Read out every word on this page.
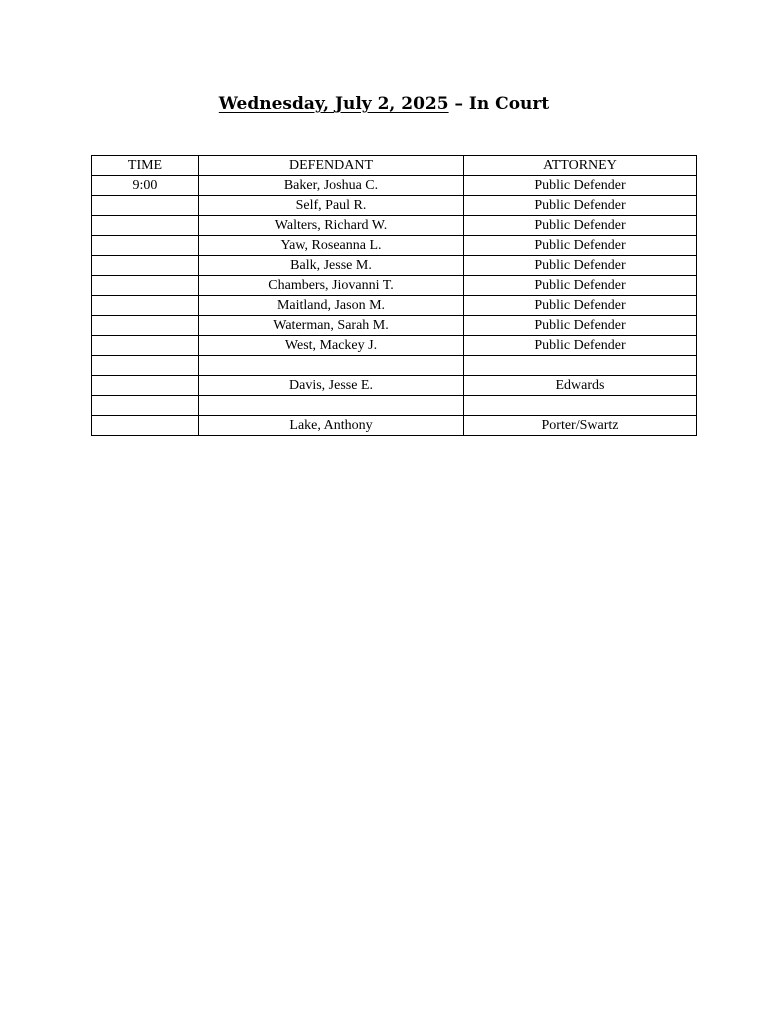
Wednesday, July 2, 2025 – In Court
TIME	DEFENDANT	ATTORNEY
9:00	Baker, Joshua C.	Public Defender
	Self, Paul R.	Public Defender
	Walters, Richard W.	Public Defender
	Yaw, Roseanna L.	Public Defender
	Balk, Jesse M.	Public Defender
	Chambers, Jiovanni T.	Public Defender
	Maitland, Jason M.	Public Defender
	Waterman, Sarah M.	Public Defender
	West, Mackey J.	Public Defender

	Davis, Jesse E.	Edwards

	Lake, Anthony	Porter/Swartz
